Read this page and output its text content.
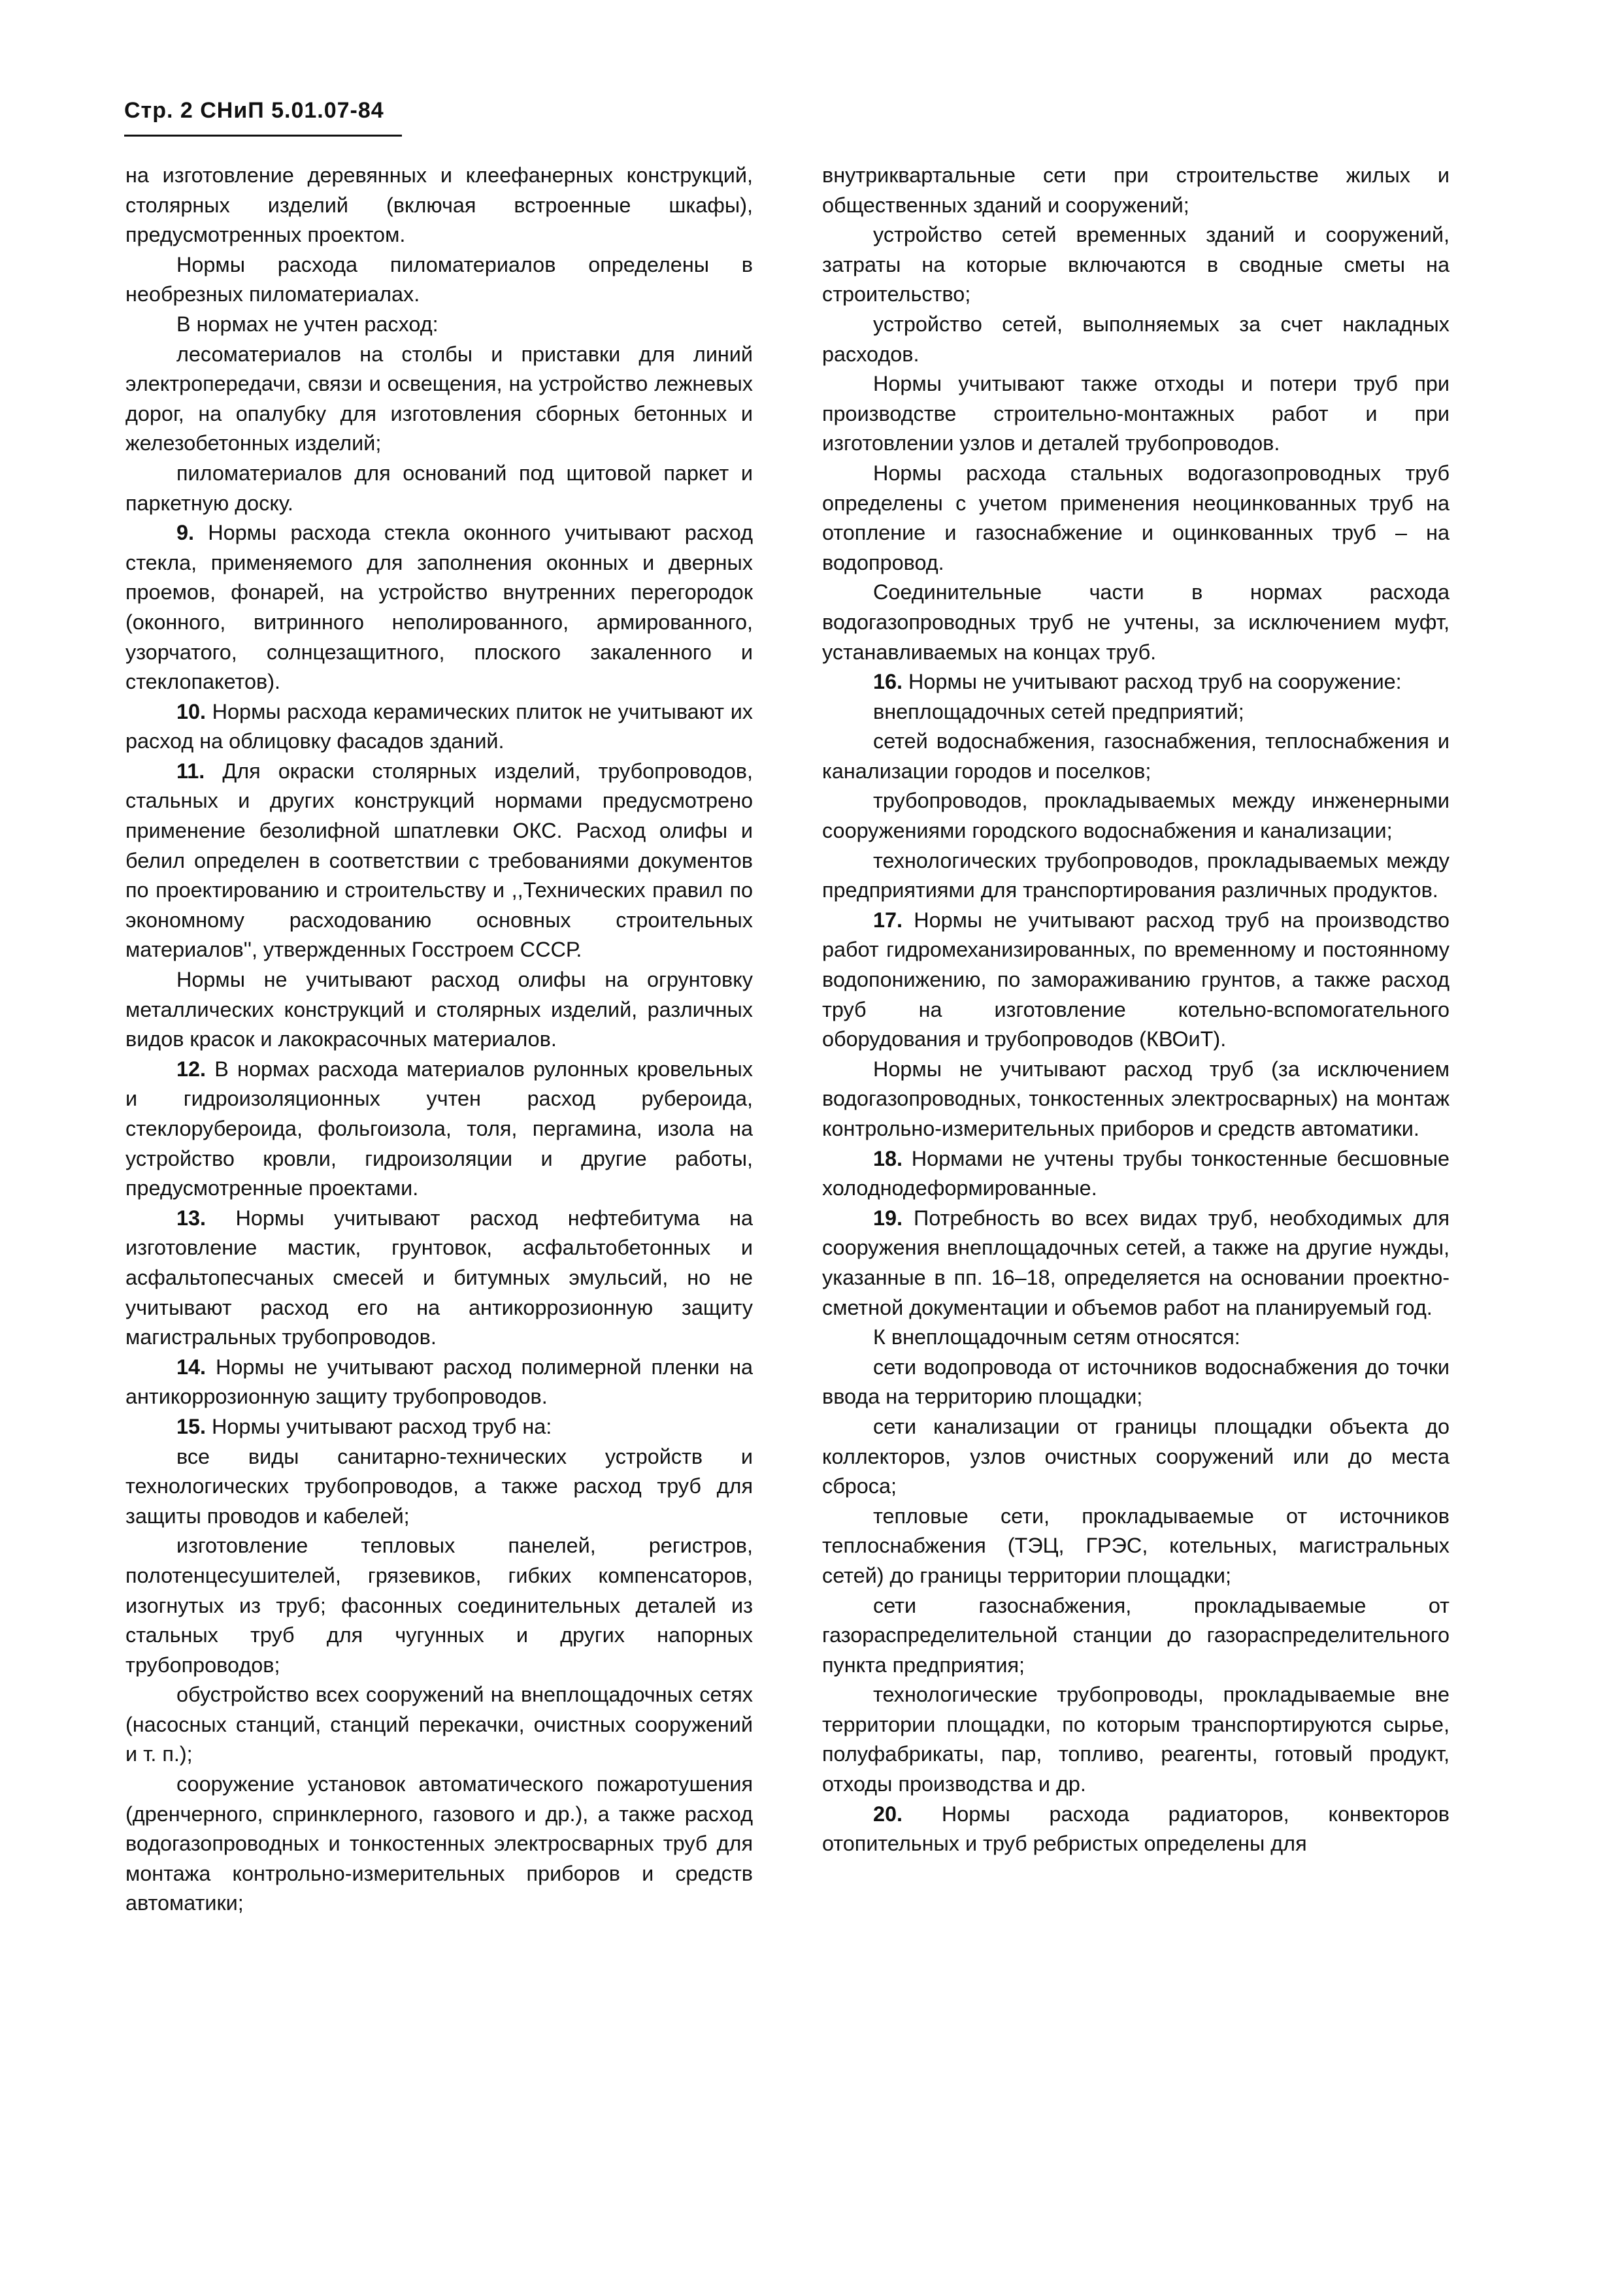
Стр. 2 СНиП 5.01.07-84

на изготовление деревянных и клеефанерных конструкций, столярных изделий (включая встроенные шкафы), предусмотренных проектом.

Нормы расхода пиломатериалов определены в необрезных пиломатериалах.

В нормах не учтен расход:

лесоматериалов на столбы и приставки для линий электропередачи, связи и освещения, на устройство лежневых дорог, на опалубку для изготовления сборных бетонных и железобетонных изделий;

пиломатериалов для оснований под щитовой паркет и паркетную доску.

9. Нормы расхода стекла оконного учитывают расход стекла, применяемого для заполнения оконных и дверных проемов, фонарей, на устройство внутренних перегородок (оконного, витринного неполированного, армированного, узорчатого, солнцезащитного, плоского закаленного и стеклопакетов).

10. Нормы расхода керамических плиток не учитывают их расход на облицовку фасадов зданий.

11. Для окраски столярных изделий, трубопроводов, стальных и других конструкций нормами предусмотрено применение безолифной шпатлевки ОКС. Расход олифы и белил определен в соответствии с требованиями документов по проектированию и строительству и ,,Технических правил по экономному расходованию основных строительных материалов'', утвержденных Госстроем СССР.

Нормы не учитывают расход олифы на огрунтовку металлических конструкций и столярных изделий, различных видов красок и лакокрасочных материалов.

12. В нормах расхода материалов рулонных кровельных и гидроизоляционных учтен расход рубероида, стеклорубероида, фольгоизола, толя, пергамина, изола на устройство кровли, гидроизоляции и другие работы, предусмотренные проектами.

13. Нормы учитывают расход нефтебитума на изготовление мастик, грунтовок, асфальтобетонных и асфальтопесчаных смесей и битумных эмульсий, но не учитывают расход его на антикоррозионную защиту магистральных трубопроводов.

14. Нормы не учитывают расход полимерной пленки на антикоррозионную защиту трубопроводов.

15. Нормы учитывают расход труб на:

все виды санитарно-технических устройств и технологических трубопроводов, а также расход труб для защиты проводов и кабелей;

изготовление тепловых панелей, регистров, полотенцесушителей, грязевиков, гибких компенсаторов, изогнутых из труб; фасонных соединительных деталей из стальных труб для чугунных и других напорных трубопроводов;

обустройство всех сооружений на внеплощадочных сетях (насосных станций, станций перекачки, очистных сооружений и т. п.);

сооружение установок автоматического пожаротушения (дренчерного, спринклерного, газового и др.), а также расход водогазопроводных и тонкостенных электросварных труб для монтажа контрольно-измерительных приборов и средств автоматики;

внутриквартальные сети при строительстве жилых и общественных зданий и сооружений;

устройство сетей временных зданий и сооружений, затраты на которые включаются в сводные сметы на строительство;

устройство сетей, выполняемых за счет накладных расходов.

Нормы учитывают также отходы и потери труб при производстве строительно-монтажных работ и при изготовлении узлов и деталей трубопроводов.

Нормы расхода стальных водогазопроводных труб определены с учетом применения неоцинкованных труб на отопление и газоснабжение и оцинкованных труб – на водопровод.

Соединительные части в нормах расхода водогазопроводных труб не учтены, за исключением муфт, устанавливаемых на концах труб.

16. Нормы не учитывают расход труб на сооружение:

внеплощадочных сетей предприятий;

сетей водоснабжения, газоснабжения, теплоснабжения и канализации городов и поселков;

трубопроводов, прокладываемых между инженерными сооружениями городского водоснабжения и канализации;

технологических трубопроводов, прокладываемых между предприятиями для транспортирования различных продуктов.

17. Нормы не учитывают расход труб на производство работ гидромеханизированных, по временному и постоянному водопонижению, по замораживанию грунтов, а также расход труб на изготовление котельно-вспомогательного оборудования и трубопроводов (КВОиТ).

Нормы не учитывают расход труб (за исключением водогазопроводных, тонкостенных электросварных) на монтаж контрольно-измерительных приборов и средств автоматики.

18. Нормами не учтены трубы тонкостенные бесшовные холоднодеформированные.

19. Потребность во всех видах труб, необходимых для сооружения внеплощадочных сетей, а также на другие нужды, указанные в пп. 16–18, определяется на основании проектно-сметной документации и объемов работ на планируемый год.

К внеплощадочным сетям относятся:

сети водопровода от источников водоснабжения до точки ввода на территорию площадки;

сети канализации от границы площадки объекта до коллекторов, узлов очистных сооружений или до места сброса;

тепловые сети, прокладываемые от источников теплоснабжения (ТЭЦ, ГРЭС, котельных, магистральных сетей) до границы территории площадки;

сети газоснабжения, прокладываемые от газораспределительной станции до газораспределительного пункта предприятия;

технологические трубопроводы, прокладываемые вне территории площадки, по которым транспортируются сырье, полуфабрикаты, пар, топливо, реагенты, готовый продукт, отходы производства и др.

20. Нормы расхода радиаторов, конвекторов отопительных и труб ребристых определены для
